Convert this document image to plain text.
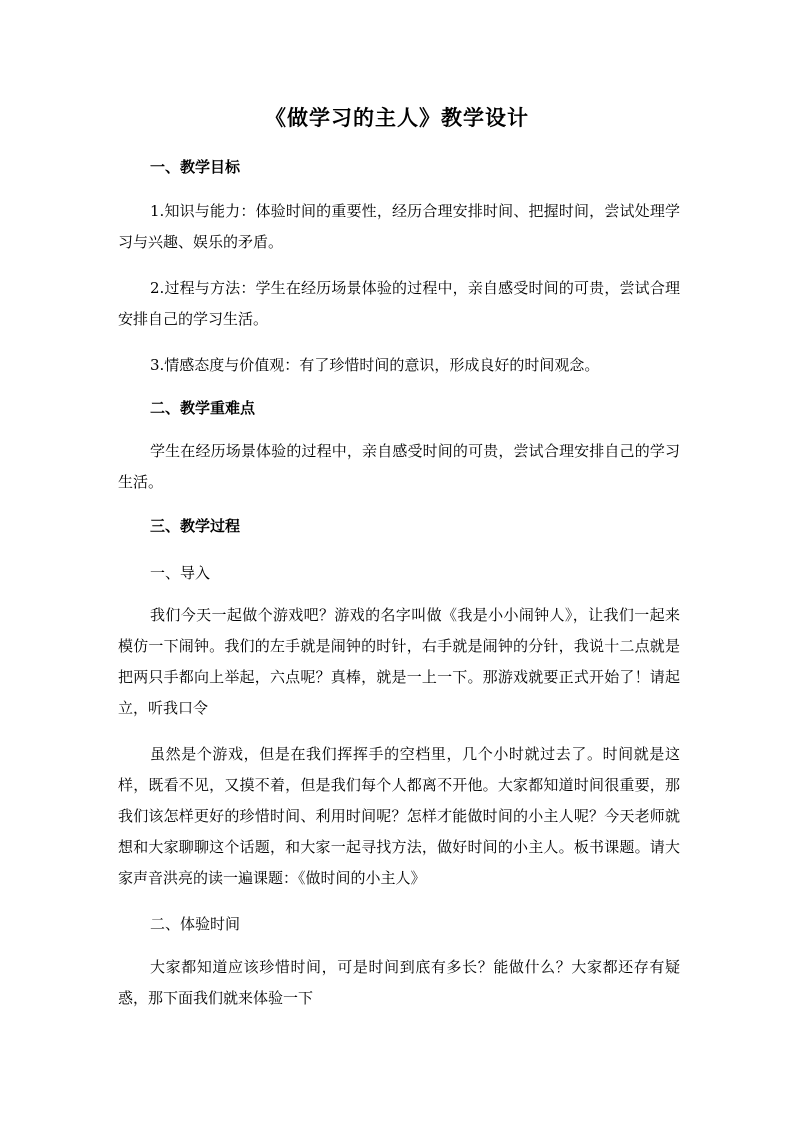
《做学习的主人》教学设计
一、教学目标

1.知识与能力：体验时间的重要性，经历合理安排时间、把握时间，尝试处理学习与兴趣、娱乐的矛盾。

2.过程与方法：学生在经历场景体验的过程中，亲自感受时间的可贵，尝试合理安排自己的学习生活。

3.情感态度与价值观：有了珍惜时间的意识，形成良好的时间观念。

二、教学重难点

学生在经历场景体验的过程中，亲自感受时间的可贵，尝试合理安排自己的学习生活。

三、教学过程
一、导入

我们今天一起做个游戏吧？游戏的名字叫做《我是小小闹钟人》，让我们一起来模仿一下闹钟。我们的左手就是闹钟的时针，右手就是闹钟的分针，我说十二点就是把两只手都向上举起，六点呢？真棒，就是一上一下。那游戏就要正式开始了！请起立，听我口令

虽然是个游戏，但是在我们挥挥手的空档里，几个小时就过去了。时间就是这样，既看不见，又摸不着，但是我们每个人都离不开他。大家都知道时间很重要，那我们该怎样更好的珍惜时间、利用时间呢？怎样才能做时间的小主人呢？今天老师就想和大家聊聊这个话题，和大家一起寻找方法，做好时间的小主人。板书课题。请大家声音洪亮的读一遍课题：《做时间的小主人》

二、体验时间

大家都知道应该珍惜时间，可是时间到底有多长？能做什么？大家都还存有疑惑，那下面我们就来体验一下
